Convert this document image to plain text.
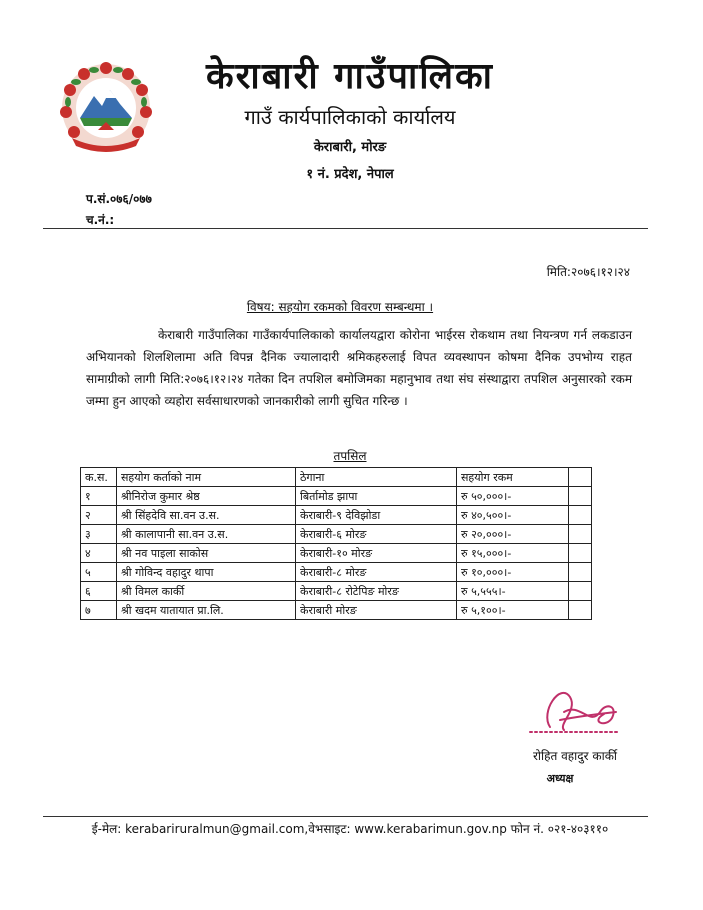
केराबारी गाउँपालिका
गाउँ कार्यपालिकाको कार्यालय
केराबारी, मोरङ
१ नं. प्रदेश, नेपाल
प.सं.०७६/०७७
च.नं.:
मिति:२०७६।१२।२४
विषय: सहयोग रकमको विवरण सम्बन्धमा ।
केराबारी गाउँपालिका गाउँकार्यपालिकाको कार्यालयद्वारा कोरोना भाईरस रोकथाम तथा नियन्त्रण गर्न लकडाउन अभियानको शिलशिलामा अति विपन्न दैनिक ज्यालादारी श्रमिकहरुलाई विपत व्यवस्थापन कोषमा दैनिक उपभोग्य राहत सामाग्रीको लागी मिति:२०७६।१२।२४ गतेका दिन तपशिल बमोजिमका महानुभाव तथा संघ संस्थाद्वारा तपशिल अनुसारको रकम जम्मा हुन आएको व्यहोरा सर्वसाधारणको जानकारीको लागी सुचित गरिन्छ ।
तपसिल
क.स.	सहयोग कर्ताको नाम	ठेगाना	सहयोग रकम	
१	श्रीनिरोज कुमार श्रेष्ठ	बिर्तामोड झापा	रु ५०,०००।-	
२	श्री सिंहदेवि सा.वन उ.स.	केराबारी-९ देविझोडा	रु ४०,५००।-	
३	श्री कालापानी सा.वन उ.स.	केराबारी-६ मोरङ	रु २०,०००।-	
४	श्री नव पाइला साकोस	केराबारी-१० मोरङ	रु १५,०००।-	
५	श्री गोविन्द वहादुर थापा	केराबारी-८ मोरङ	रु १०,०००।-	
६	श्री विमल कार्की	केराबारी-८ रोटेपिङ मोरङ	रु ५,५५५।-	
७	श्री खदम यातायात प्रा.लि.	केराबारी मोरङ	रु ५,१००।-	
रोहित वहादुर कार्की
अध्यक्ष
ई-मेल: kerabariruralmun@gmail.com,वेभसाइट: www.kerabarimun.gov.np फोन नं. ०२१-४०३११०
